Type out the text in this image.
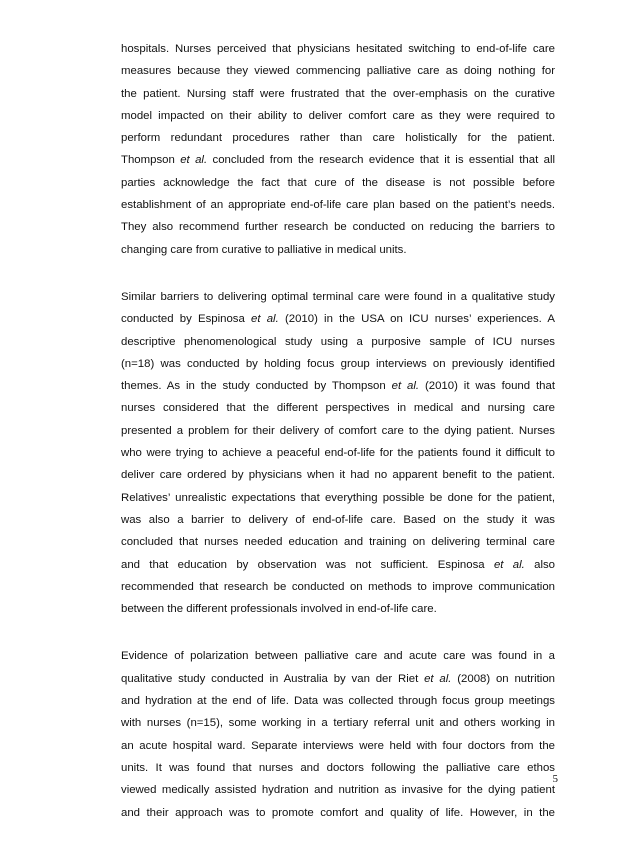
hospitals. Nurses perceived that physicians hesitated switching to end-of-life care
measures because they viewed commencing palliative care as doing nothing for
the patient. Nursing staff were frustrated that the over-emphasis on the curative
model impacted on their ability to deliver comfort care as they were required to
perform redundant procedures rather than care holistically for the patient.
Thompson et al. concluded from the research evidence that it is essential that all
parties acknowledge the fact that cure of the disease is not possible before
establishment of an appropriate end-of-life care plan based on the patient’s needs.
They also recommend further research be conducted on reducing the barriers to
changing care from curative to palliative in medical units.
Similar barriers to delivering optimal terminal care were found in a qualitative study
conducted by Espinosa et al. (2010) in the USA on ICU nurses’ experiences. A
descriptive phenomenological study using a purposive sample of ICU nurses
(n=18) was conducted by holding focus group interviews on previously identified
themes. As in the study conducted by Thompson et al. (2010) it was found that
nurses considered that the different perspectives in medical and nursing care
presented a problem for their delivery of comfort care to the dying patient. Nurses
who were trying to achieve a peaceful end-of-life for the patients found it difficult to
deliver care ordered by physicians when it had no apparent benefit to the patient.
Relatives’ unrealistic expectations that everything possible be done for the patient,
was also a barrier to delivery of end-of-life care. Based on the study it was
concluded that nurses needed education and training on delivering terminal care
and that education by observation was not sufficient. Espinosa et al. also
recommended that research be conducted on methods to improve communication
between the different professionals involved in end-of-life care.
Evidence of polarization between palliative care and acute care was found in a
qualitative study conducted in Australia by van der Riet et al. (2008) on nutrition
and hydration at the end of life. Data was collected through focus group meetings
with nurses (n=15), some working in a tertiary referral unit and others working in
an acute hospital ward. Separate interviews were held with four doctors from the
units. It was found that nurses and doctors following the palliative care ethos
viewed medically assisted hydration and nutrition as invasive for the dying patient
and their approach was to promote comfort and quality of life. However, in the
5
